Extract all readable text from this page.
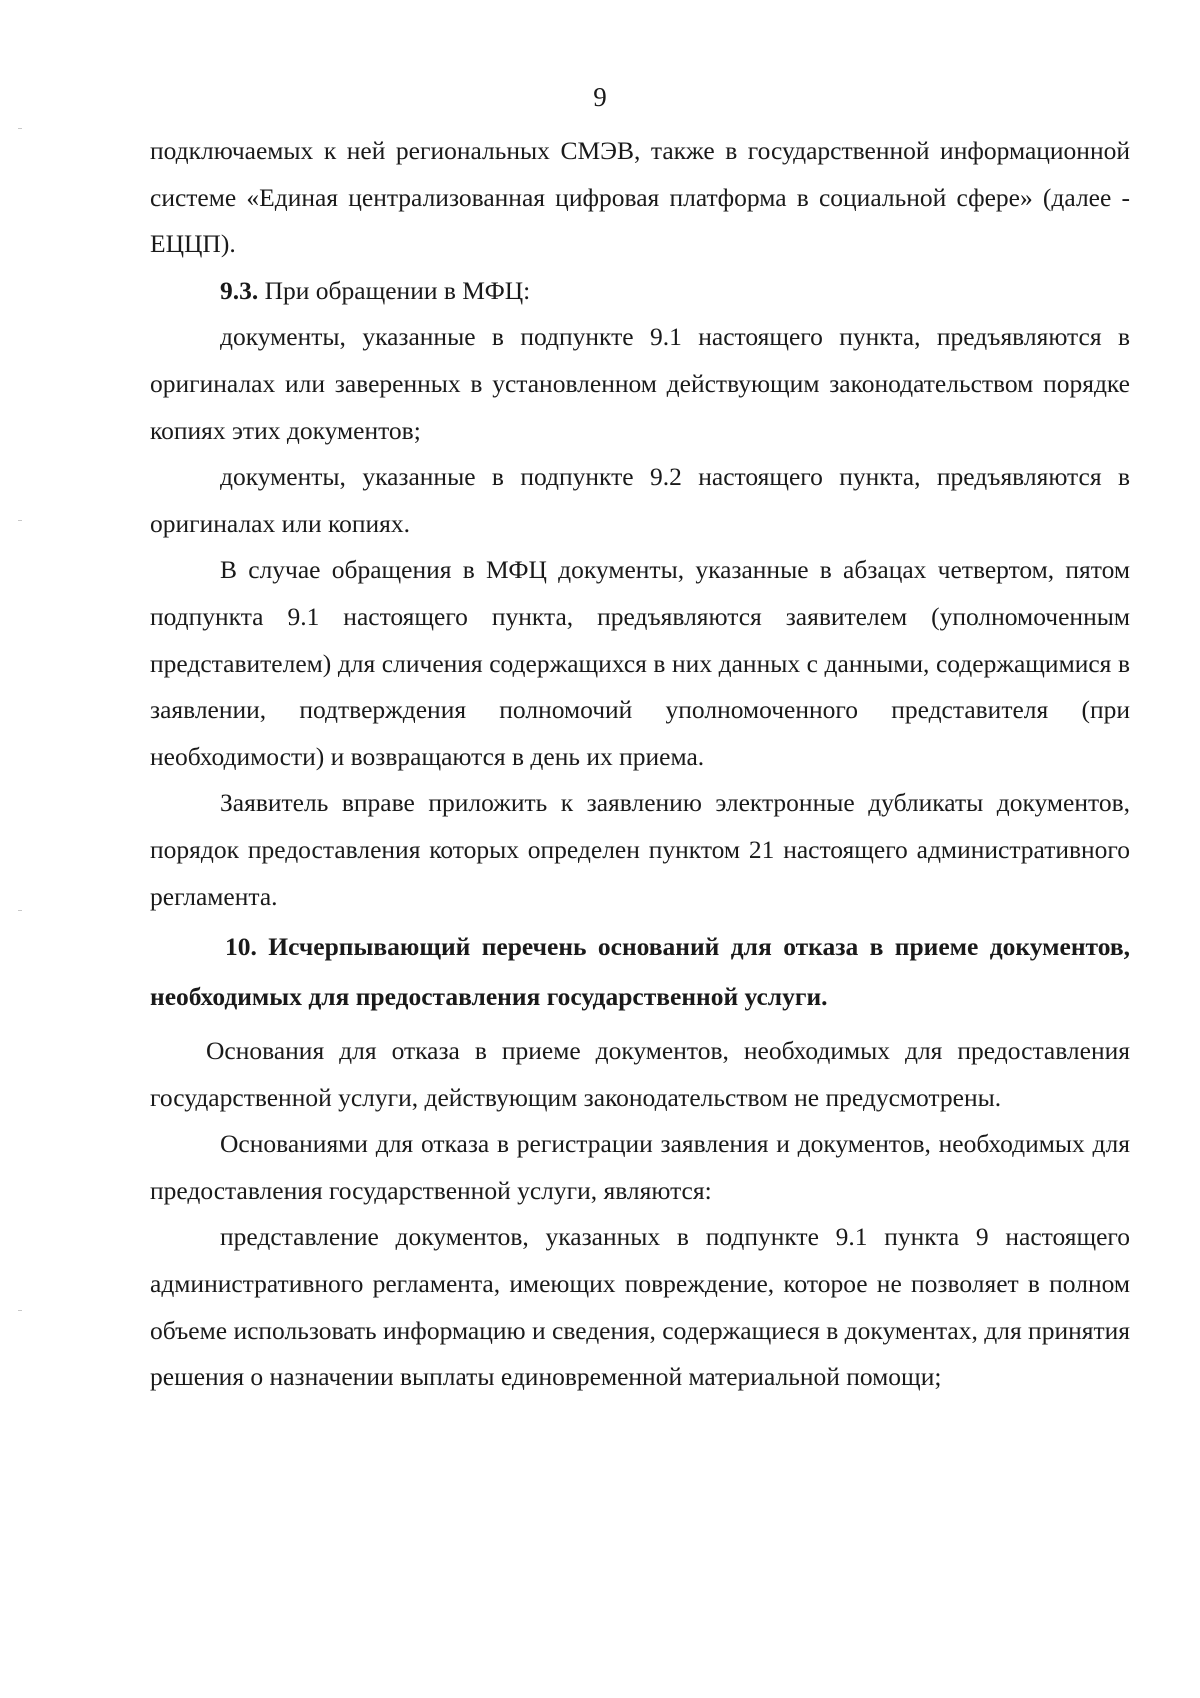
9

подключаемых к ней региональных СМЭВ, также в государственной информационной системе «Единая централизованная цифровая платформа в социальной сфере» (далее - ЕЦЦП).

9.3. При обращении в МФЦ:

документы, указанные в подпункте 9.1 настоящего пункта, предъявляются в оригиналах или заверенных в установленном действующим законодательством порядке копиях этих документов;

документы, указанные в подпункте 9.2 настоящего пункта, предъявляются в оригиналах или копиях.

В случае обращения в МФЦ документы, указанные в абзацах четвертом, пятом подпункта 9.1 настоящего пункта, предъявляются заявителем (уполномоченным представителем) для сличения содержащихся в них данных с данными, содержащимися в заявлении, подтверждения полномочий уполномоченного представителя (при необходимости) и возвращаются в день их приема.

Заявитель вправе приложить к заявлению электронные дубликаты документов, порядок предоставления которых определен пунктом 21 настоящего административного регламента.

10. Исчерпывающий перечень оснований для отказа в приеме документов, необходимых для предоставления государственной услуги.

Основания для отказа в приеме документов, необходимых для предоставления государственной услуги, действующим законодательством не предусмотрены.

Основаниями для отказа в регистрации заявления и документов, необходимых для предоставления государственной услуги, являются:

представление документов, указанных в подпункте 9.1 пункта 9 настоящего административного регламента, имеющих повреждение, которое не позволяет в полном объеме использовать информацию и сведения, содержащиеся в документах, для принятия решения о назначении выплаты единовременной материальной помощи;
